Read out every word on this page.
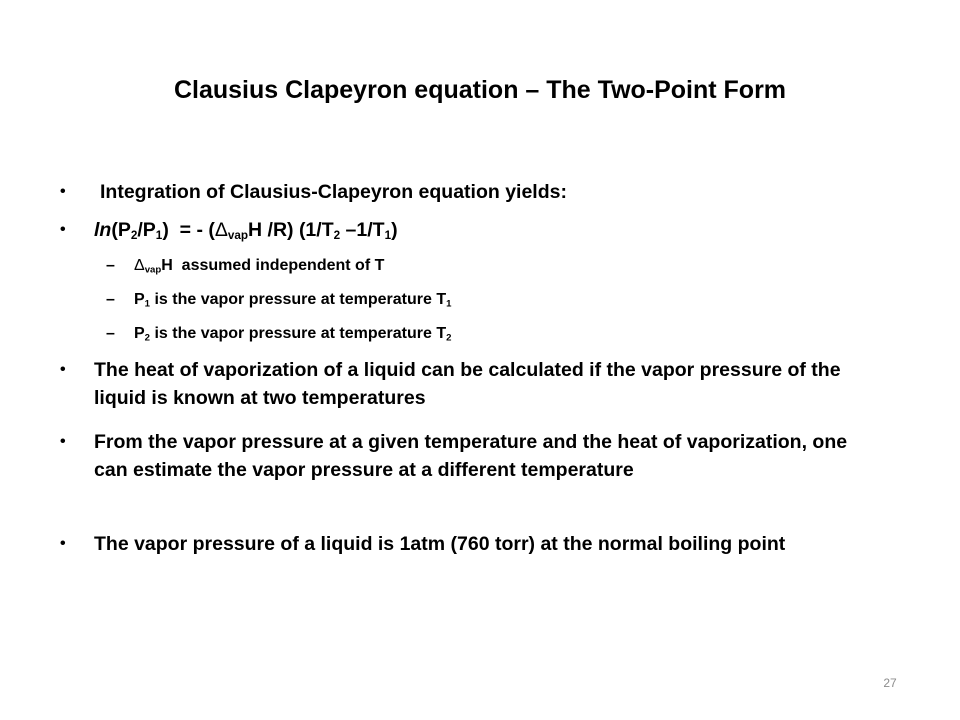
Clausius Clapeyron equation – The Two-Point Form
•	Integration of Clausius-Clapeyron equation yields:
•	$\ln(P_2/P_1)$  = - ($\Delta_{vap}H$ /R) ($1/T_2$ $-1/T_1$)
– $\Delta_{vap}H$  assumed independent of T
– $P_1$ is the vapor pressure at temperature $T_1$
– $P_2$ is the vapor pressure at temperature $T_2$
•	The heat of vaporization of a liquid can be calculated if the vapor pressure of the liquid is known at two temperatures
•	From the vapor pressure at a given temperature and the heat of vaporization, one can estimate the vapor pressure at a different temperature
•	The vapor pressure of a liquid is 1atm (760 torr) at the normal boiling point
27
